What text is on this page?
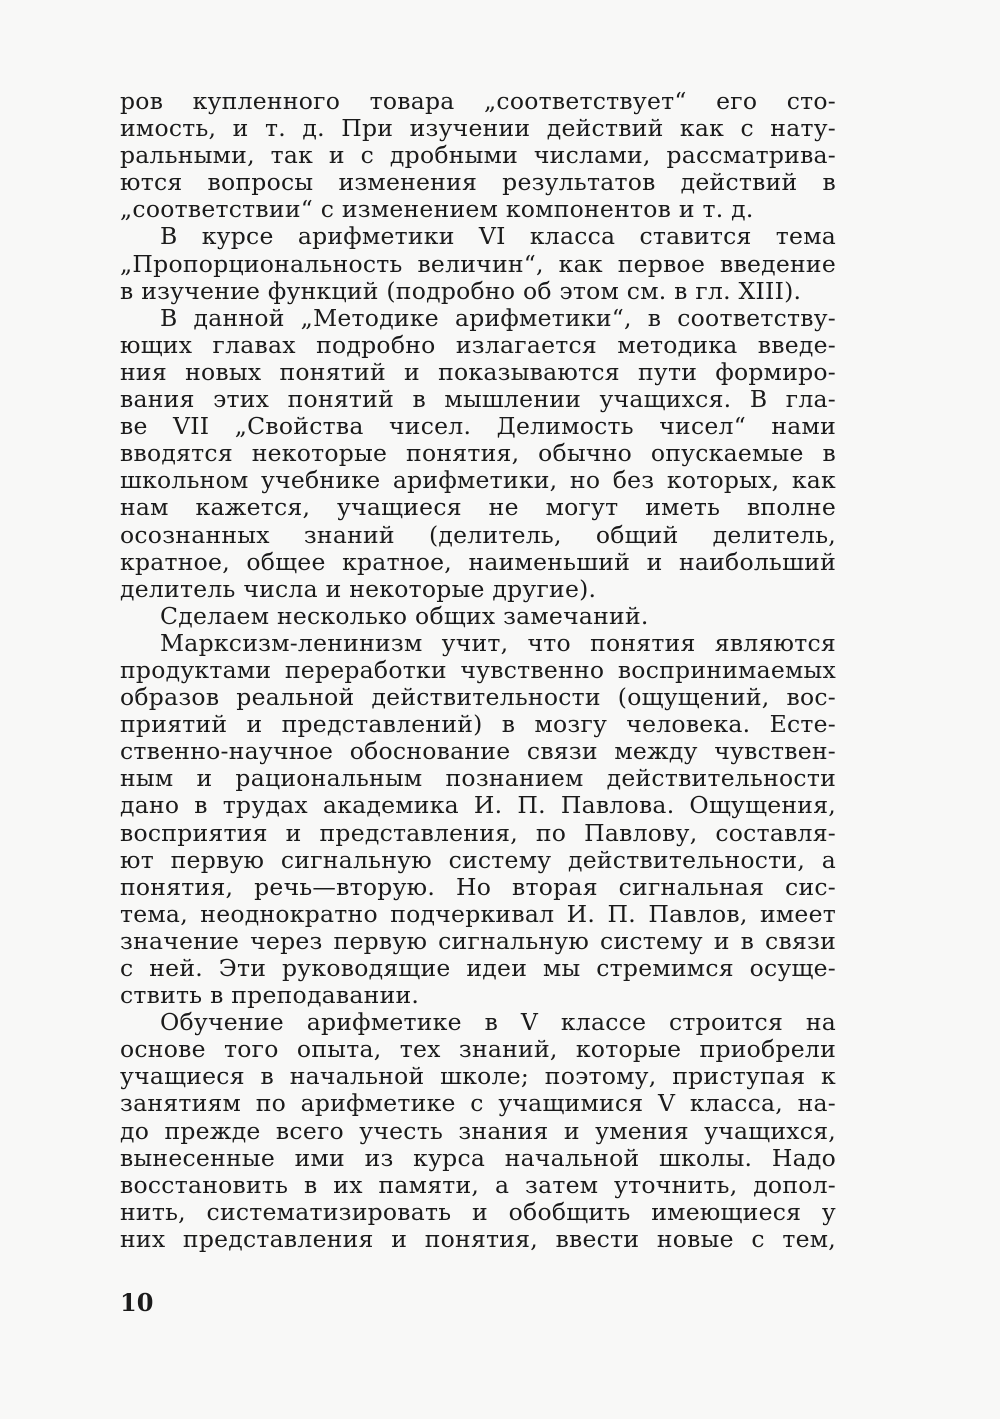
ров купленного товара „соответствует“ его сто-
имость, и т. д. При изучении действий как с нату-
ральными, так и с дробными числами, рассматрива-
ются вопросы изменения результатов действий в
„соответствии“ с изменением компонентов и т. д.
В курсе арифметики VI класса ставится тема
„Пропорциональность величин“, как первое введение
в изучение функций (подробно об этом см. в гл. XIII).
В данной „Методике арифметики“, в соответству-
ющих главах подробно излагается методика введе-
ния новых понятий и показываются пути формиро-
вания этих понятий в мышлении учащихся. В гла-
ве VII „Свойства чисел. Делимость чисел“ нами
вводятся некоторые понятия, обычно опускаемые в
школьном учебнике арифметики, но без которых, как
нам кажется, учащиеся не могут иметь вполне
осознанных знаний (делитель, общий делитель,
кратное, общее кратное, наименьший и наибольший
делитель числа и некоторые другие).
Сделаем несколько общих замечаний.
Марксизм-ленинизм учит, что понятия являются
продуктами переработки чувственно воспринимаемых
образов реальной действительности (ощущений, вос-
приятий и представлений) в мозгу человека. Есте-
ственно-научное обоснование связи между чувствен-
ным и рациональным познанием действительности
дано в трудах академика И. П. Павлова. Ощущения,
восприятия и представления, по Павлову, составля-
ют первую сигнальную систему действительности, а
понятия, речь—вторую. Но вторая сигнальная сис-
тема, неоднократно подчеркивал И. П. Павлов, имеет
значение через первую сигнальную систему и в связи
с ней. Эти руководящие идеи мы стремимся осуще-
ствить в преподавании.
Обучение арифметике в V классе строится на
основе того опыта, тех знаний, которые приобрели
учащиеся в начальной школе; поэтому, приступая к
занятиям по арифметике с учащимися V класса, на-
до прежде всего учесть знания и умения учащихся,
вынесенные ими из курса начальной школы. Надо
восстановить в их памяти, а затем уточнить, допол-
нить, систематизировать и обобщить имеющиеся у
них представления и понятия, ввести новые с тем,
10
